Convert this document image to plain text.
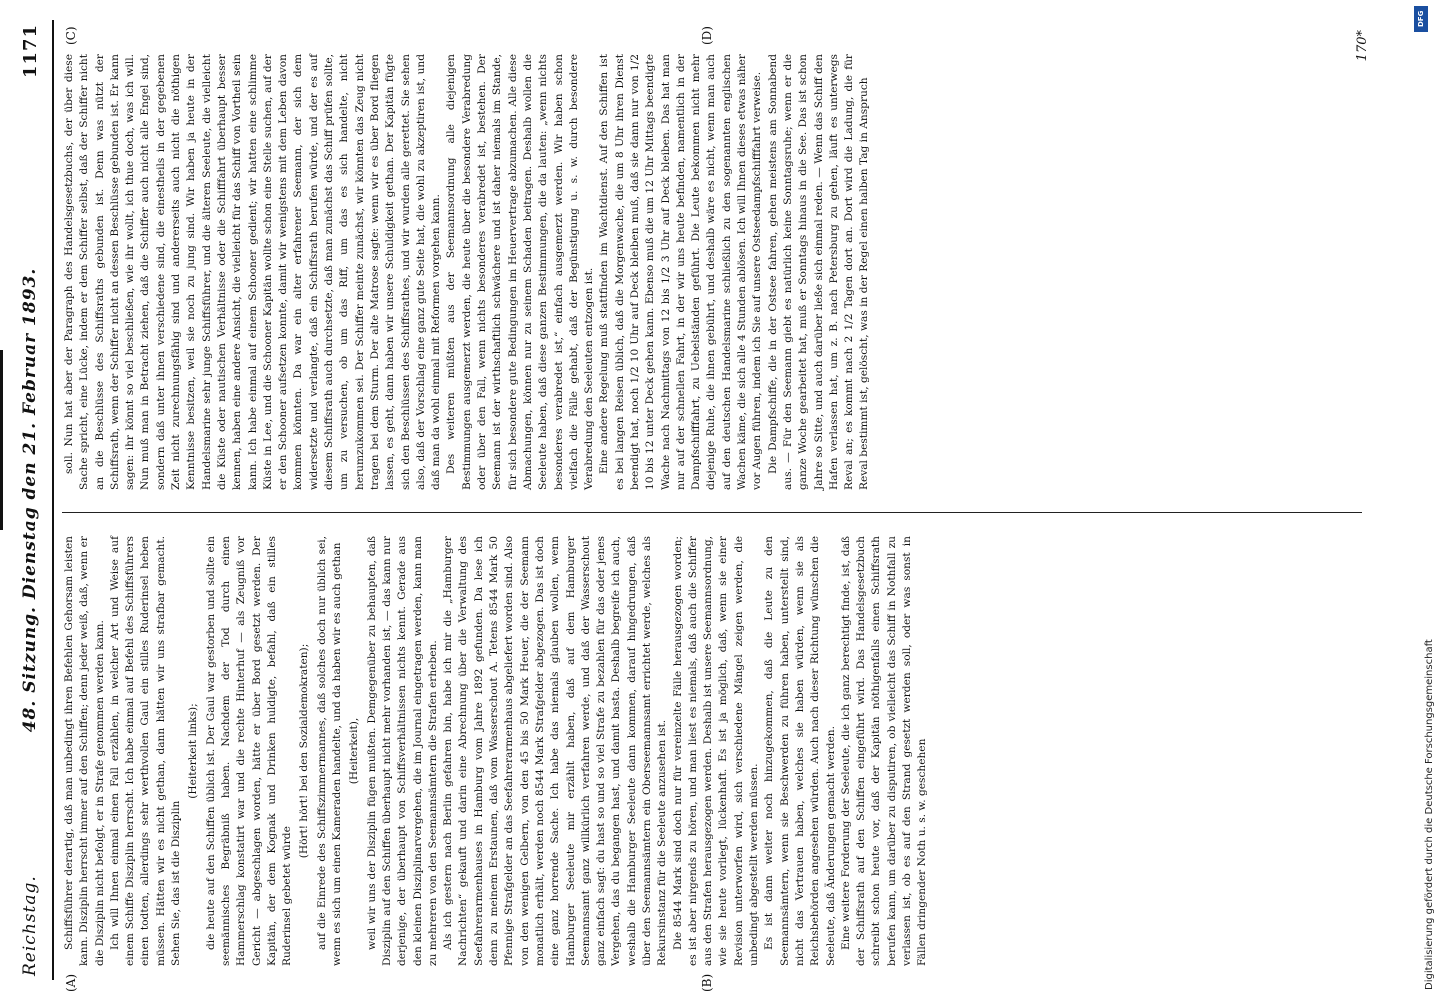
Reichstag.
48. Sitzung. Dienstag den 21. Februar 1893.
1171
(A)	(B)
(C)	(D)

Schiffsführer derartig, daß man unbedingt ihren Befehlen Gehorsam leisten kann. Disziplin herrscht immer auf den Schiffen; denn jeder weiß, daß, wenn er die Disziplin nicht befolgt, er in Strafe genommen werden kann. Ich will Ihnen einmal einen Fall erzählen, in welcher Art und Weise auf einem Schiffe Disziplin herrscht. Ich habe einmal auf Befehl des Schiffsführers einen todten, allerdings sehr werthvollen Gaul ein stilles Ruderinsel heben müssen. Hätten wir es nicht gethan, dann hätten wir uns strafbar gemacht. Sehen Sie, das ist die Disziplin

(Heiterkeit links); die heute auf den Schiffen üblich ist. Der Gaul war gestorben und sollte ein seemännisches Begräbniß haben. Nachdem der Tod durch einen Hammerschlag konstatirt war und die rechte Hinterhuf — als Zeugniß vor Gericht — abgeschlagen worden, hätte er über Bord gesetzt werden. Der Kapitän, der dem Kognak und Drinken huldigte, befahl, daß ein stilles Ruderinsel gebetet würde

(Hört! hört! bei den Sozialdemokraten); auf die Einrede des Schiffszimmermannes, daß solches doch nur üblich sei, wenn es sich um einen Kameraden handelte, und da haben wir es auch gethan (Heiterkeit), weil wir uns der Disziplin fügen mußten. Demgegenüber zu behaupten, daß Disziplin auf den Schiffen überhaupt nicht mehr vorhanden ist, — das kann nur derjenige, der überhaupt von Schiffsverhältnissen nichts kennt. Gerade aus den kleinen Disziplinarvergehen, die im Journal eingetragen werden, kann man zu mehreren von den Seemannsämtern die Strafen erheben. Als ich gestern nach Berlin gefahren bin, habe ich mir die „Hamburger Nachrichten“ gekauft und darin eine Abrechnung über die Verwaltung des Seefahrerarmenhauses in Hamburg vom Jahre 1892 gefunden. Da lese ich denn zu meinem Erstaunen, daß vom Wasserschout A. Tetens 8544 Mark 50 Pfennige Strafgelder an das Seefahrerarmenhaus abgeliefert worden sind. Also von den wenigen Gelbern, von den 45 bis 50 Mark Heuer, die der Seemann monatlich erhält, werden noch 8544 Mark Strafgelder abgezogen. Das ist doch eine ganz horrende Sache. Ich habe das niemals glauben wollen, wenn Hamburger Seeleute mir erzählt haben, daß auf dem Hamburger Seemannsamt ganz willkürlich verfahren werde, und daß der Wasserschout ganz einfach sagt: du hast so und so viel Strafe zu bezahlen für das oder jenes Vergehen, das du begangen hast, und damit basta. Deshalb begreife ich auch, weshalb die Hamburger Seeleute dann kommen, darauf hingedrungen, daß über den Seemannsämtern ein Oberseemannsamt errichtet werde, welches als Rekursinstanz für die Seeleute anzusehen ist. Die 8544 Mark sind doch nur für vereinzelte Fälle herausgezogen worden; es ist aber nirgends zu hören, und man liest es niemals, daß auch die Schiffer aus den Strafen herausgezogen werden. Deshalb ist unsere Seemannsordnung, wie sie heute vorliegt, lückenhaft. Es ist ja möglich, daß, wenn sie einer Revision unterworfen wird, sich verschiedene Mängel zeigen werden, die unbedingt abgestellt werden müssen. Es ist dann weiter noch hinzugekommen, daß die Leute zu den Seemannsämtern, wenn sie Beschwerden zu führen haben, unterstellt sind, nicht das Vertrauen haben, welches sie haben würden, wenn sie als Reichsbehörden angesehen würden. Auch nach dieser Richtung wünschen die Seeleute, daß Änderungen gemacht werden. Eine weitere Forderung der Seeleute, die ich ganz berechtigt finde, ist, daß der Schiffsrath auf den Schiffen eingeführt wird. Das Handelsgesetzbuch schreibt schon heute vor, daß der Kapitän nöthigenfalls einen Schiffsrath berufen kann, um darüber zu disputiren, ob vielleicht das Schiff in Nothfall zu verlassen ist, ob es auf den Strand gesetzt werden soll, oder was sonst in Fällen dringender Noth u. s. w. geschehen

soll. Nun hat aber der Paragraph des Handelsgesetzbuchs, der über diese Sache spricht, eine Lücke, indem er dem Schiffer selbst, daß der Schiffer nicht an die Beschlüsse des Schiffsraths gebunden ist. Denn was nützt der Schiffsrath, wenn der Schiffer nicht an dessen Beschlüsse gebunden ist. Er kann sagen: ihr könnt so viel beschließen, wie ihr wollt, ich thue doch, was ich will. Nun muß man in Betracht ziehen, daß die Schiffer auch nicht alle Engel sind, sondern daß unter ihnen verschiedene sind, die einestheils in der gegebenen Zeit nicht zurechnungsfähig sind und andererseits auch nicht die nöthigen Kenntnisse besitzen, weil sie noch zu jung sind. Wir haben ja heute in der Handelsmarine sehr junge Schiffsführer, und die älteren Seeleute, die vielleicht die Küste oder nautischen Verhältnisse oder die Schifffahrt überhaupt besser kennen, haben eine andere Ansicht, die vielleicht für das Schiff von Vortheil sein kann. Ich habe einmal auf einem Schooner gedient; wir hatten eine schlimme Küste in Lee, und die Schooner Kapitän wollte schon eine Stelle suchen, auf der er den Schooner aufsetzen konnte, damit wir wenigstens mit dem Leben davon kommen könnten. Da war ein alter erfahrener Seemann, der sich dem widersetzte und verlangte, daß ein Schiffsrath berufen würde, und der es auf diesem Schiffsrath auch durchsetzte, daß man zunächst das Schiff prüfen sollte, um zu versuchen, ob um das Riff, um das es sich handelte, nicht herumzukommen sei. Der Schiffer meinte zunächst, wir könnten das Zeug nicht tragen bei dem Sturm. Der alte Matrose sagte: wenn wir es über Bord fliegen lassen, es geht, dann haben wir unsere Schuldigkeit gethan. Der Kapitän fügte sich den Beschlüssen des Schiffsrathes, und wir wurden alle gerettet. Sie sehen also, daß der Vorschlag eine ganz gute Seite hat, die wohl zu akzeptiren ist, und daß man da wohl einmal mit Reformen vorgehen kann. Des weiteren müßten aus der Seemannsordnung alle diejenigen Bestimmungen ausgemerzt werden, die heute über die besondere Verabredung oder über den Fall, wenn nichts besonderes verabredet ist, bestehen. Der Seemann ist der wirthschaftlich schwächere und ist daher niemals im Stande, für sich besondere gute Bedingungen im Heuervertrage abzumachen. Alle diese Abmachungen, können nur zu seinem Schaden beitragen. Deshalb wollen die Seeleute haben, daß diese ganzen Bestimmungen, die da lauten: „wenn nichts besonderes verabredet ist,“ einfach ausgemerzt werden. Wir haben schon vielfach die Fälle gehabt, daß der Begünstigung u. s. w. durch besondere Verabredung den Seeleuten entzogen ist. Eine andere Regelung muß stattfinden im Wachtdienst. Auf den Schiffen ist es bei langen Reisen üblich, daß die Morgenwache, die um 8 Uhr ihren Dienst beendigt hat, noch 1/2 10 Uhr auf Deck bleiben muß, daß sie dann nur von 1/2 10 bis 12 unter Deck gehen kann. Ebenso muß die um 12 Uhr Mittags beendigte Wache nach Nachmittags von 12 bis 1/2 3 Uhr auf Deck bleiben. Das hat man nur auf der schnellen Fahrt, in der wir uns heute befinden, namentlich in der Dampfschifffahrt, zu Uebelständen geführt. Die Leute bekommen nicht mehr diejenige Ruhe, die ihnen gebührt, und deshalb wäre es nicht, wenn man auch auf den deutschen Handelsmarine schließlich zu den sogenannten englischen Wachen käme, die sich alle 4 Stunden ablösen. Ich will Ihnen dieses etwas näher vor Augen führen, indem ich Sie auf unsere Ostseedampfschifffahrt verweise. Die Dampfschiffe, die in der Ostsee fahren, gehen meistens am Sonnabend aus. — Für den Seemann giebt es natürlich keine Sonntagsruhe; wenn er die ganze Woche gearbeitet hat, muß er Sonntags hinaus in die See. Das ist schon Jahre so Sitte, und auch darüber ließe sich einmal reden. — Wenn das Schiff den Hafen verlassen hat, um z. B. nach Petersburg zu gehen, läuft es unterwegs Reval an; es kommt nach 2 1/2 Tagen dort an. Dort wird die Ladung, die für Reval bestimmt ist, gelöscht, was in der Regel einen halben Tag in Anspruch

170*
DFG
Digitalisierung gefördert durch die Deutsche Forschungsgemeinschaft
